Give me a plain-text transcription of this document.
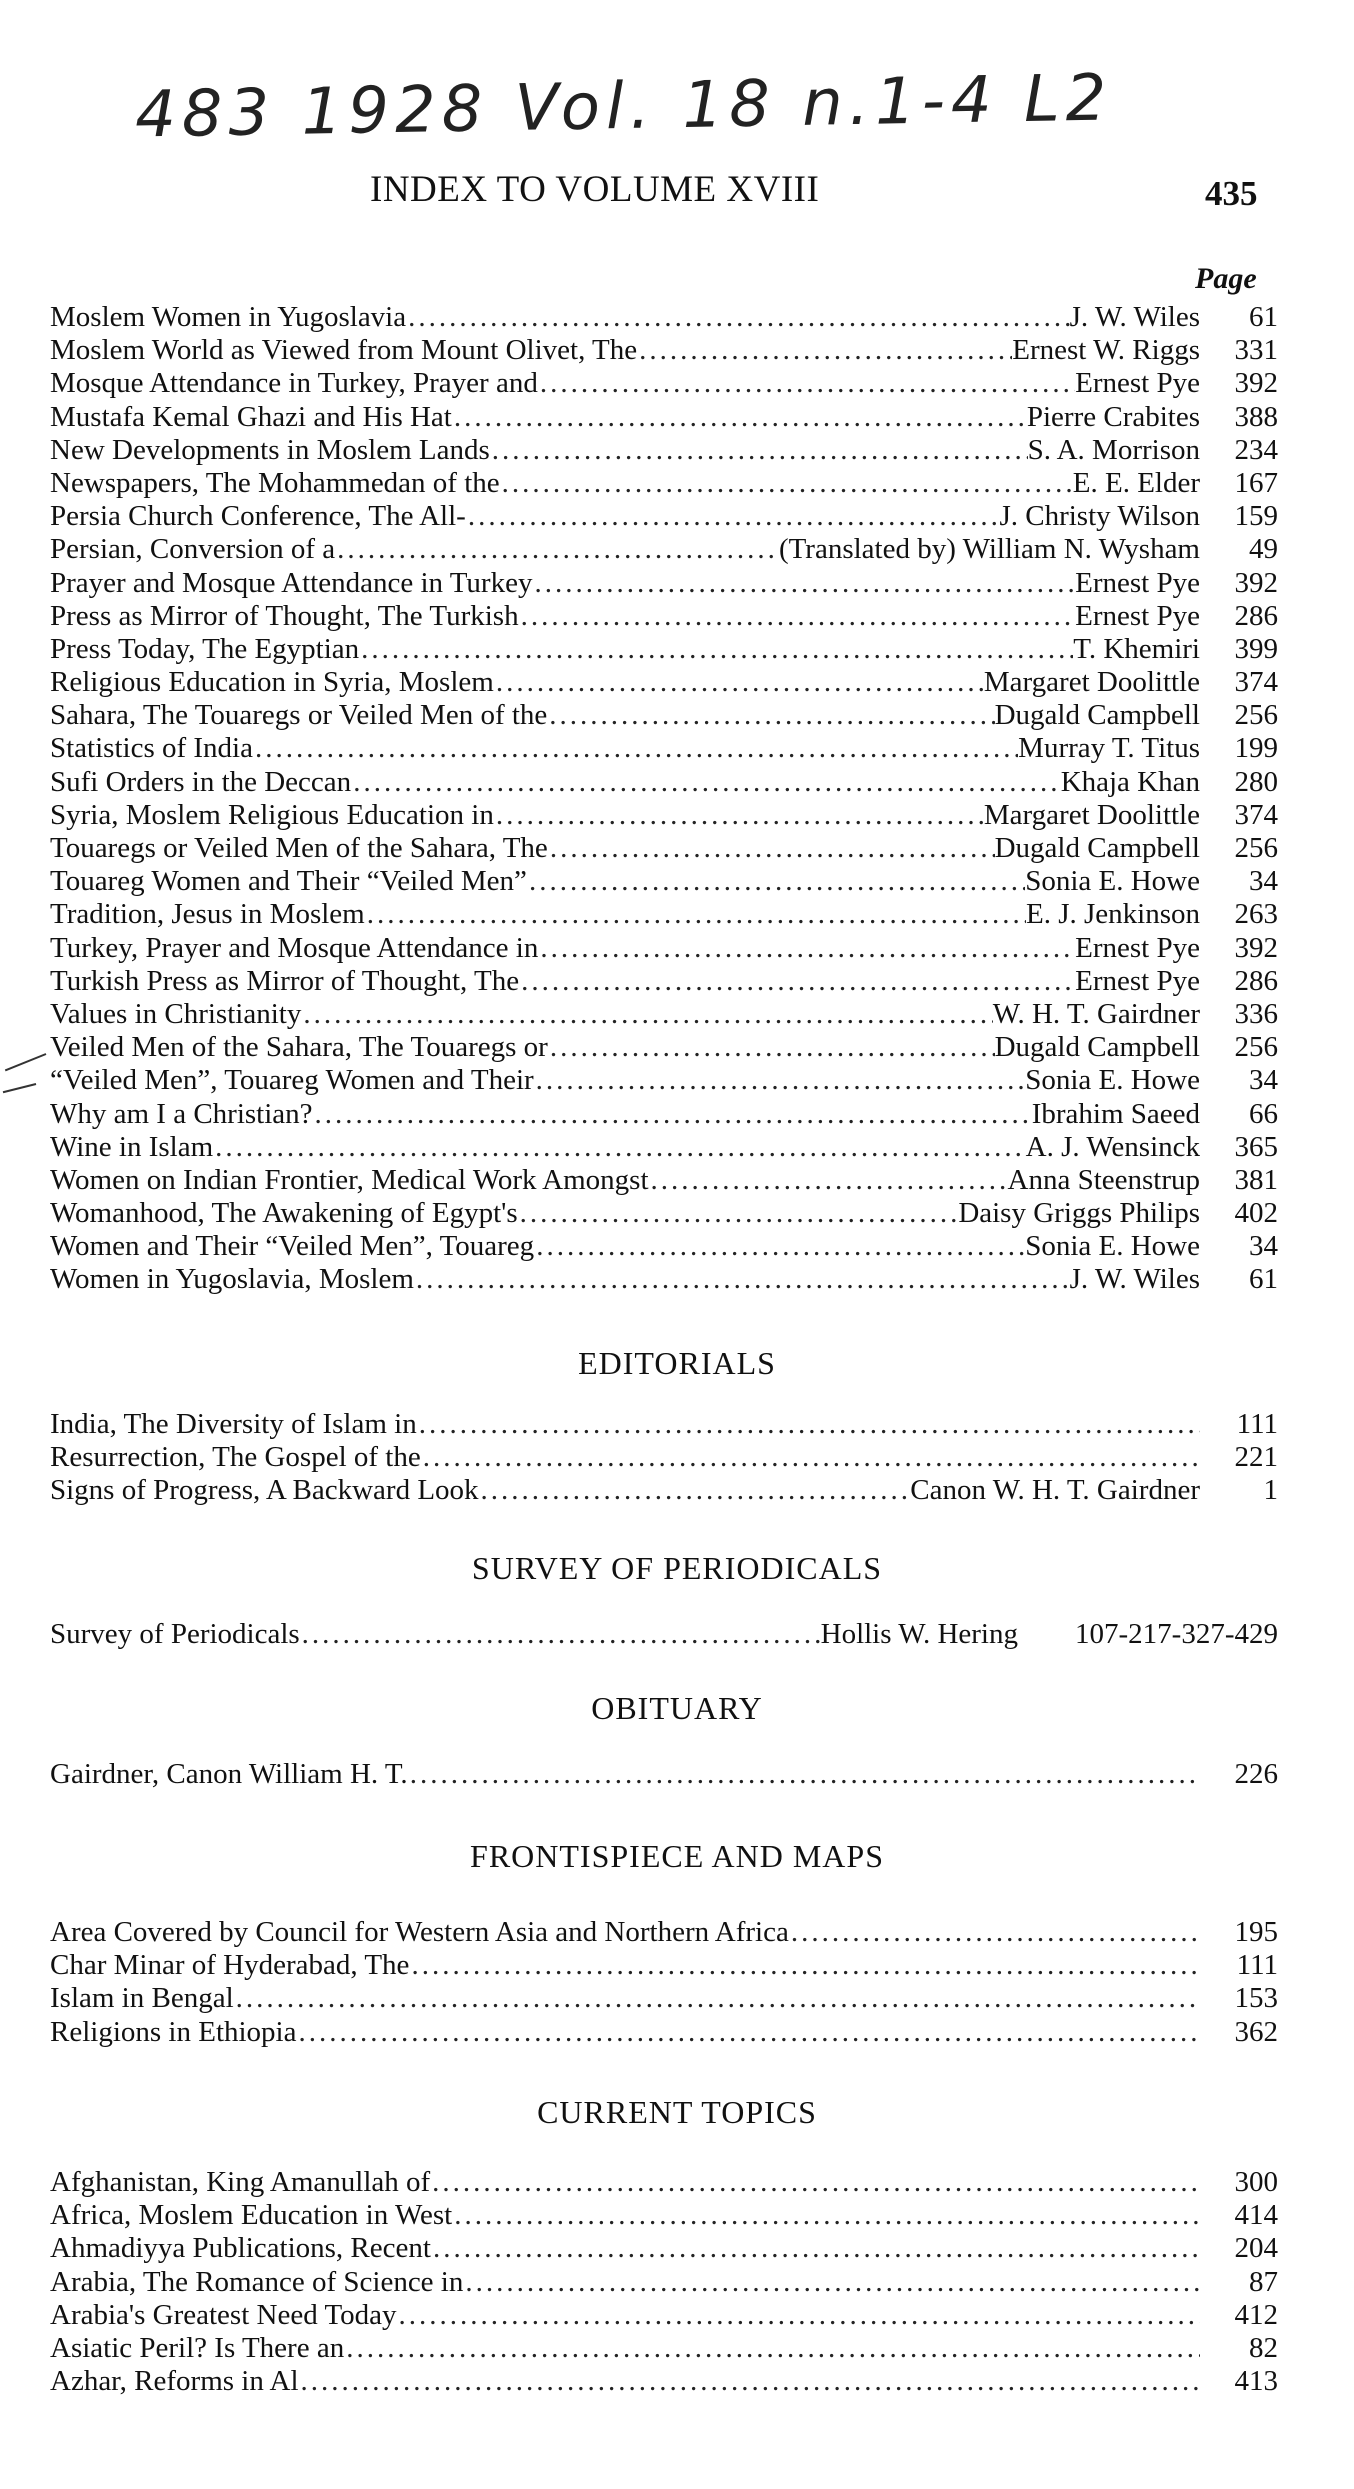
483 1928 Vol. 18 n.1-4 L2
INDEX TO VOLUME XVIII	435
Page
Moslem Women in Yugoslavia .....	J. W. Wiles	61
Moslem World as Viewed from Mount Olivet, The .....	Ernest W. Riggs	331
Mosque Attendance in Turkey, Prayer and .....	Ernest Pye	392
Mustafa Kemal Ghazi and His Hat .....	Pierre Crabites	388
New Developments in Moslem Lands .....	S. A. Morrison	234
Newspapers, The Mohammedan of the .....	E. E. Elder	167
Persia Church Conference, The All- .....	J. Christy Wilson	159
Persian, Conversion of a .....	(Translated by) William N. Wysham	49
Prayer and Mosque Attendance in Turkey .....	Ernest Pye	392
Press as Mirror of Thought, The Turkish .....	Ernest Pye	286
Press Today, The Egyptian .....	T. Khemiri	399
Religious Education in Syria, Moslem .....	Margaret Doolittle	374
Sahara, The Touaregs or Veiled Men of the .....	Dugald Campbell	256
Statistics of India .....	Murray T. Titus	199
Sufi Orders in the Deccan .....	Khaja Khan	280
Syria, Moslem Religious Education in .....	Margaret Doolittle	374
Touaregs or Veiled Men of the Sahara, The .....	Dugald Campbell	256
Touareg Women and Their “Veiled Men” .....	Sonia E. Howe	34
Tradition, Jesus in Moslem .....	E. J. Jenkinson	263
Turkey, Prayer and Mosque Attendance in .....	Ernest Pye	392
Turkish Press as Mirror of Thought, The .....	Ernest Pye	286
Values in Christianity .....	W. H. T. Gairdner	336
Veiled Men of the Sahara, The Touaregs or .....	Dugald Campbell	256
“Veiled Men”, Touareg Women and Their .....	Sonia E. Howe	34
Why am I a Christian? .....	Ibrahim Saeed	66
Wine in Islam .....	A. J. Wensinck	365
Women on Indian Frontier, Medical Work Amongst .....	Anna Steenstrup	381
Womanhood, The Awakening of Egypt's .....	Daisy Griggs Philips	402
Women and Their “Veiled Men”, Touareg .....	Sonia E. Howe	34
Women in Yugoslavia, Moslem .....	J. W. Wiles	61
EDITORIALS
India, The Diversity of Islam in .....	111
Resurrection, The Gospel of the .....	221
Signs of Progress, A Backward Look .....	Canon W. H. T. Gairdner	1
SURVEY OF PERIODICALS
Survey of Periodicals .....	Hollis W. Hering	107-217-327-429
OBITUARY
Gairdner, Canon William H. T. .....	226
FRONTISPIECE AND MAPS
Area Covered by Council for Western Asia and Northern Africa .....	195
Char Minar of Hyderabad, The .....	111
Islam in Bengal .....	153
Religions in Ethiopia .....	362
CURRENT TOPICS
Afghanistan, King Amanullah of .....	300
Africa, Moslem Education in West .....	414
Ahmadiyya Publications, Recent .....	204
Arabia, The Romance of Science in .....	87
Arabia's Greatest Need Today .....	412
Asiatic Peril? Is There an .....	82
Azhar, Reforms in Al .....	413
